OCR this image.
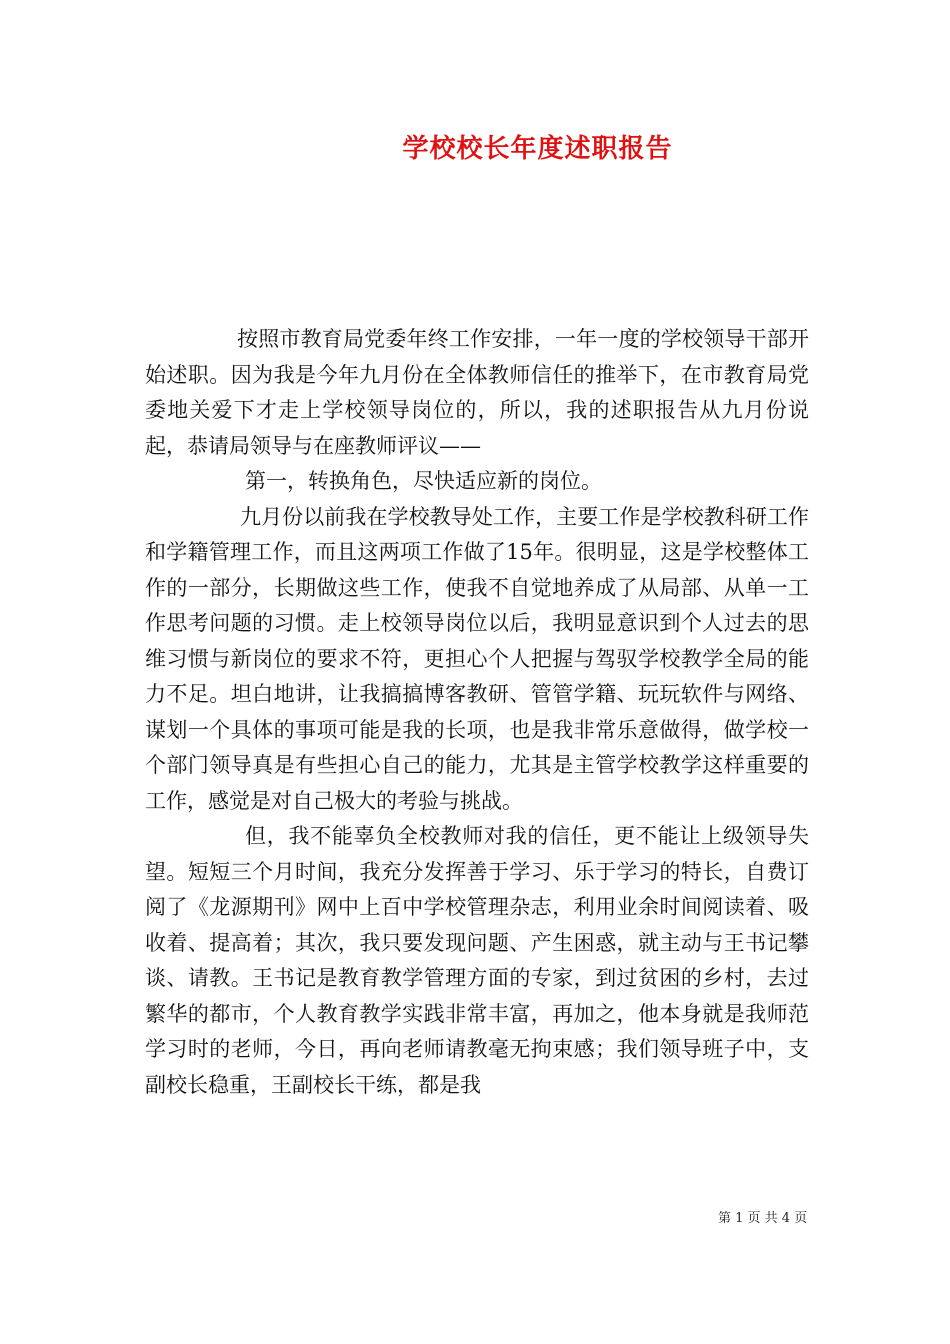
学校校长年度述职报告

按照市教育局党委年终工作安排，一年一度的学校领导干部开始述职。因为我是今年九月份在全体教师信任的推举下，在市教育局党委地关爱下才走上学校领导岗位的，所以，我的述职报告从九月份说起，恭请局领导与在座教师评议——

第一，转换角色，尽快适应新的岗位。

九月份以前我在学校教导处工作，主要工作是学校教科研工作和学籍管理工作，而且这两项工作做了15年。很明显，这是学校整体工作的一部分，长期做这些工作，使我不自觉地养成了从局部、从单一工作思考问题的习惯。走上校领导岗位以后，我明显意识到个人过去的思维习惯与新岗位的要求不符，更担心个人把握与驾驭学校教学全局的能力不足。坦白地讲，让我搞搞博客教研、管管学籍、玩玩软件与网络、谋划一个具体的事项可能是我的长项，也是我非常乐意做得，做学校一个部门领导真是有些担心自己的能力，尤其是主管学校教学这样重要的工作，感觉是对自己极大的考验与挑战。

但，我不能辜负全校教师对我的信任，更不能让上级领导失望。短短三个月时间，我充分发挥善于学习、乐于学习的特长，自费订阅了《龙源期刊》网中上百中学校管理杂志，利用业余时间阅读着、吸收着、提高着；其次，我只要发现问题、产生困惑，就主动与王书记攀谈、请教。王书记是教育教学管理方面的专家，到过贫困的乡村，去过繁华的都市，个人教育教学实践非常丰富，再加之，他本身就是我师范学习时的老师，今日，再向老师请教毫无拘束感；我们领导班子中，支副校长稳重，王副校长干练，都是我

第 1 页 共 4 页
